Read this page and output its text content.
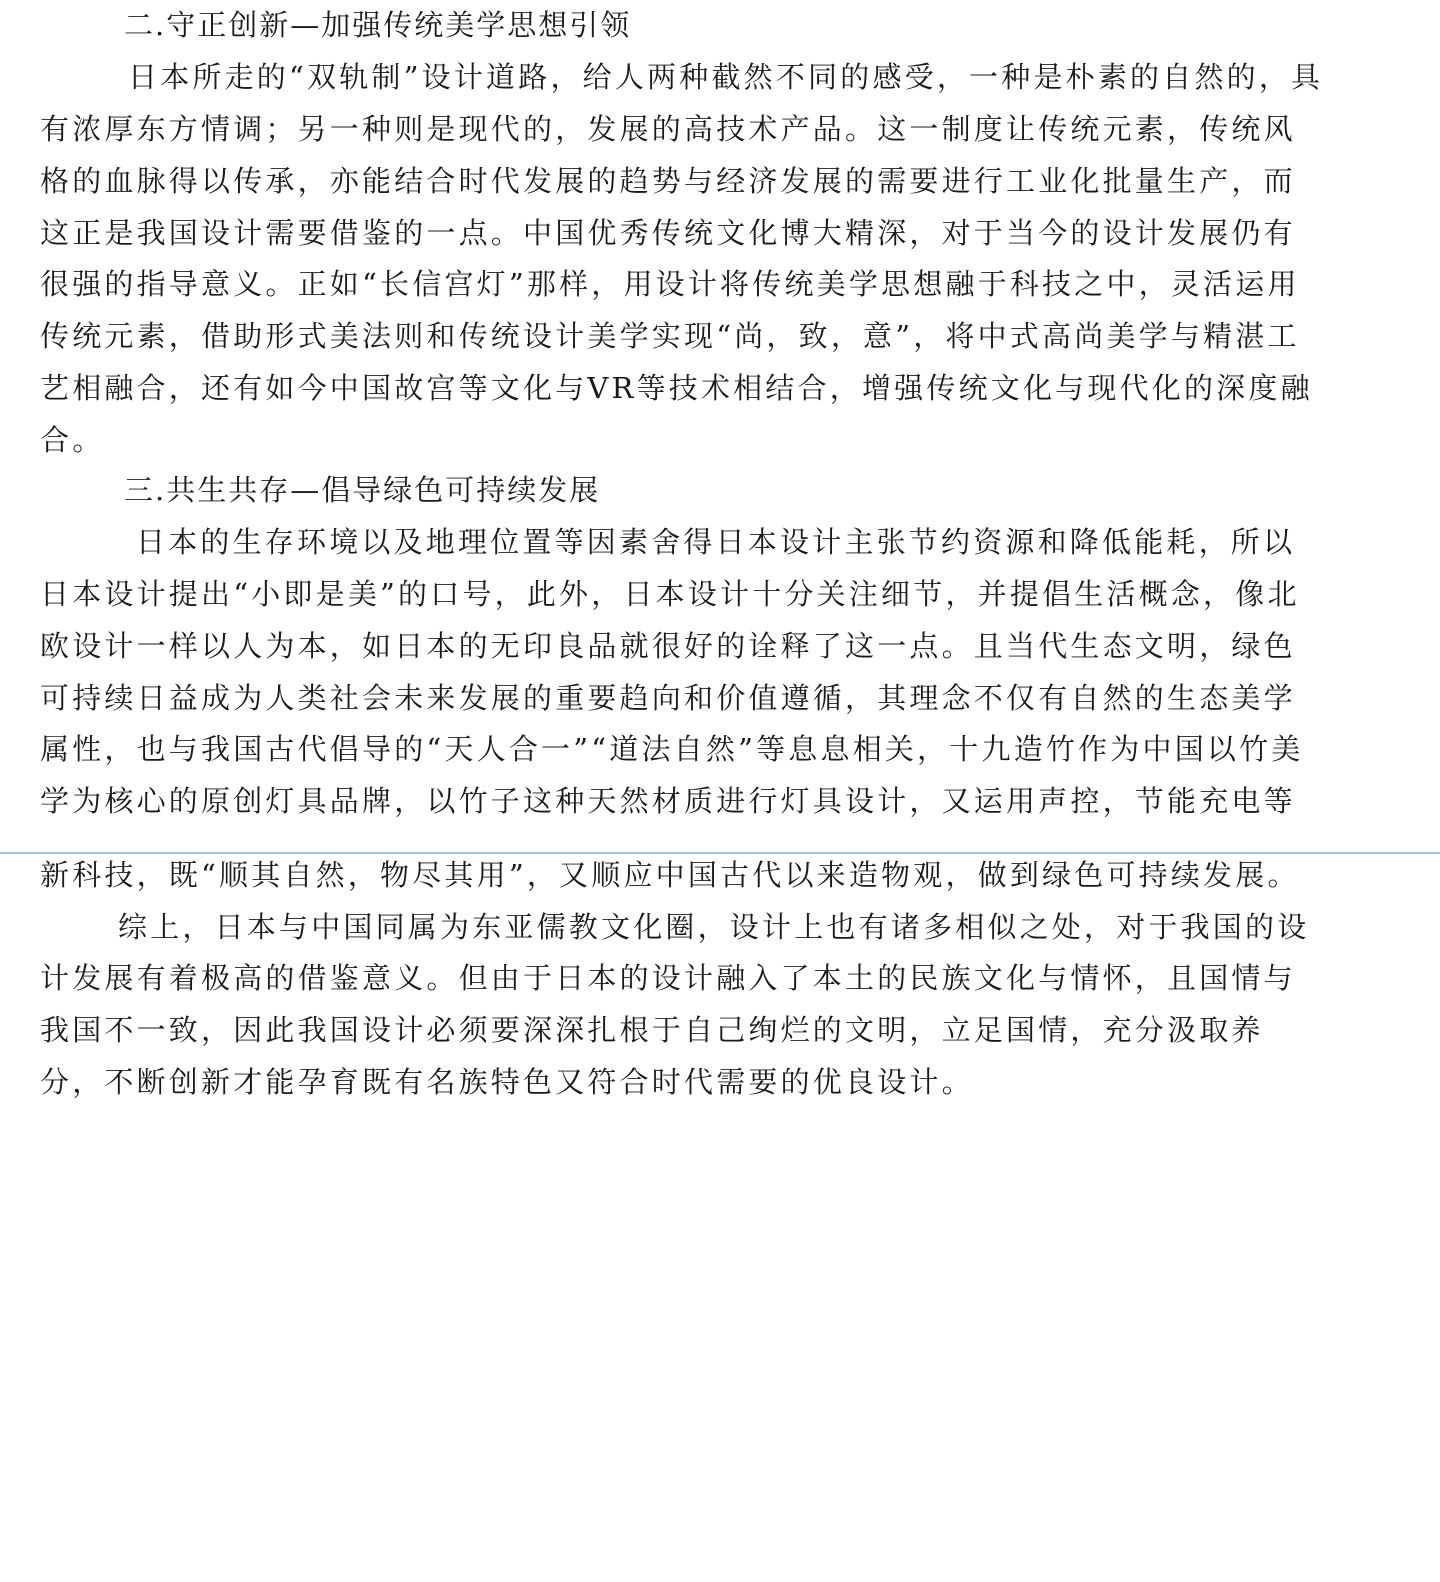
二.守正创新—加强传统美学思想引领
日本所走的“双轨制”设计道路，给人两种截然不同的感受，一种是朴素的自然的，具
有浓厚东方情调；另一种则是现代的，发展的高技术产品。这一制度让传统元素，传统风
格的血脉得以传承，亦能结合时代发展的趋势与经济发展的需要进行工业化批量生产，而
这正是我国设计需要借鉴的一点。中国优秀传统文化博大精深，对于当今的设计发展仍有
很强的指导意义。正如“长信宫灯”那样，用设计将传统美学思想融于科技之中，灵活运用
传统元素，借助形式美法则和传统设计美学实现“尚，致，意”，将中式高尚美学与精湛工
艺相融合，还有如今中国故宫等文化与VR等技术相结合，增强传统文化与现代化的深度融
合。
三.共生共存—倡导绿色可持续发展
日本的生存环境以及地理位置等因素舍得日本设计主张节约资源和降低能耗，所以
日本设计提出“小即是美”的口号，此外，日本设计十分关注细节，并提倡生活概念，像北
欧设计一样以人为本，如日本的无印良品就很好的诠释了这一点。且当代生态文明，绿色
可持续日益成为人类社会未来发展的重要趋向和价值遵循，其理念不仅有自然的生态美学
属性，也与我国古代倡导的“天人合一”“道法自然”等息息相关，十九造竹作为中国以竹美
学为核心的原创灯具品牌，以竹子这种天然材质进行灯具设计，又运用声控，节能充电等
新科技，既“顺其自然，物尽其用”，又顺应中国古代以来造物观，做到绿色可持续发展。
综上，日本与中国同属为东亚儒教文化圈，设计上也有诸多相似之处，对于我国的设
计发展有着极高的借鉴意义。但由于日本的设计融入了本土的民族文化与情怀，且国情与
我国不一致，因此我国设计必须要深深扎根于自己绚烂的文明，立足国情，充分汲取养
分，不断创新才能孕育既有名族特色又符合时代需要的优良设计。
